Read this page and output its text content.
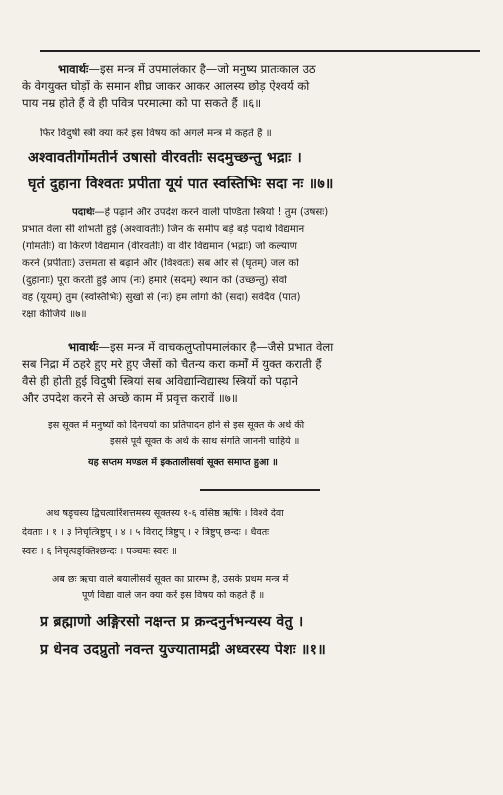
भावार्थः—इस मन्त्र में उपमालंकार है—जो मनुष्य प्रातःकाल उठ
के वेगयुक्त घोड़ों के समान शीघ्र जाकर आकर आलस्य छोड़ ऐश्वर्य को
पाय नम्र होते हैं वे ही पवित्र परमात्मा को पा सकते हैं ॥६॥
फिर विदुषी स्त्री क्या करें इस विषय को अगले मन्त्र में कहते हैं ॥
अश्वावतीर्गोमतीर्न उषासो वीरवतीः सदमुच्छन्तु भद्राः ।
घृतं दुहाना विश्वतः प्रपीता यूयं पात स्वस्तिभिः सदा नः ॥७॥
पदार्थः—हे पढ़ाने और उपदेश करने वाली पण्डिता स्त्रियो ! तुम (उषसः)
प्रभात वेला सी शोभती हुई (अश्वावतीः) जिन के समीप बड़े बड़े पदार्थ विद्यमान
(गोमतीः) वा किरणें विद्यमान (वीरवतीः) वा वीर विद्यमान (भद्राः) जो कल्याण
करने (प्रपीताः) उत्तमता से बढ़ाने और (विश्वतः) सब ओर से (घृतम्) जल को
(दुहानाः) पूरा करती हुई आप (नः) हमारे (सदम्) स्थान को (उच्छन्तु) सेवो
वह (यूयम्) तुम (स्वस्तिभिः) सुखों से (नः) हम लोगों की (सदा) सर्वदैव (पात)
रक्षा कीजिये ॥७॥
भावार्थः—इस मन्त्र में वाचकलुप्तोपमालंकार है—जैसे प्रभात वेला
सब निद्रा में ठहरे हुए मरे हुए जैसों को चैतन्य करा कर्मों में युक्त कराती हैं
वैसे ही होती हुई विदुषी स्त्रियां सब अविद्यान्विद्यास्थ स्त्रियों को पढ़ाने
और उपदेश करने से अच्छे काम में प्रवृत्त करावें ॥७॥
इस सूक्त में मनुष्यों को दिनचर्या का प्रतिपादन होने से इस सूक्त के अर्थ की
इससे पूर्व सूक्त के अर्थ के साथ संगति जाननी चाहिये ॥
यह सप्तम मण्डल में इकतालीसवां सूक्त समाप्त हुआ ॥
अथ षडृचस्य द्विचत्वारिंशत्तमस्य सूक्तस्य १-६ वसिष्ठ ऋषिः । विश्वे देवा
देवताः । १ । ३ निचृत्त्रिष्टुप् । ४ । ५ विराट् त्रिष्टुप् । २ त्रिष्टुप् छन्दः । धैवतः
स्वरः । ६ निचृत्पङ्क्तिश्छन्दः । पञ्चमः स्वरः ॥
अब छः ऋचा वाले बयालीसवें सूक्त का प्रारम्भ है, उसके प्रथम मन्त्र में
पूर्ण विद्या वाले जन क्या करें इस विषय को कहते हैं ॥
प्र ब्रह्माणो अङ्गिरसो नक्षन्त प्र क्रन्दनुर्नभन्यस्य वेतु ।
प्र धेनव उदप्रुतो नवन्त युज्यातामद्री अध्वरस्य पेशः ॥१॥
